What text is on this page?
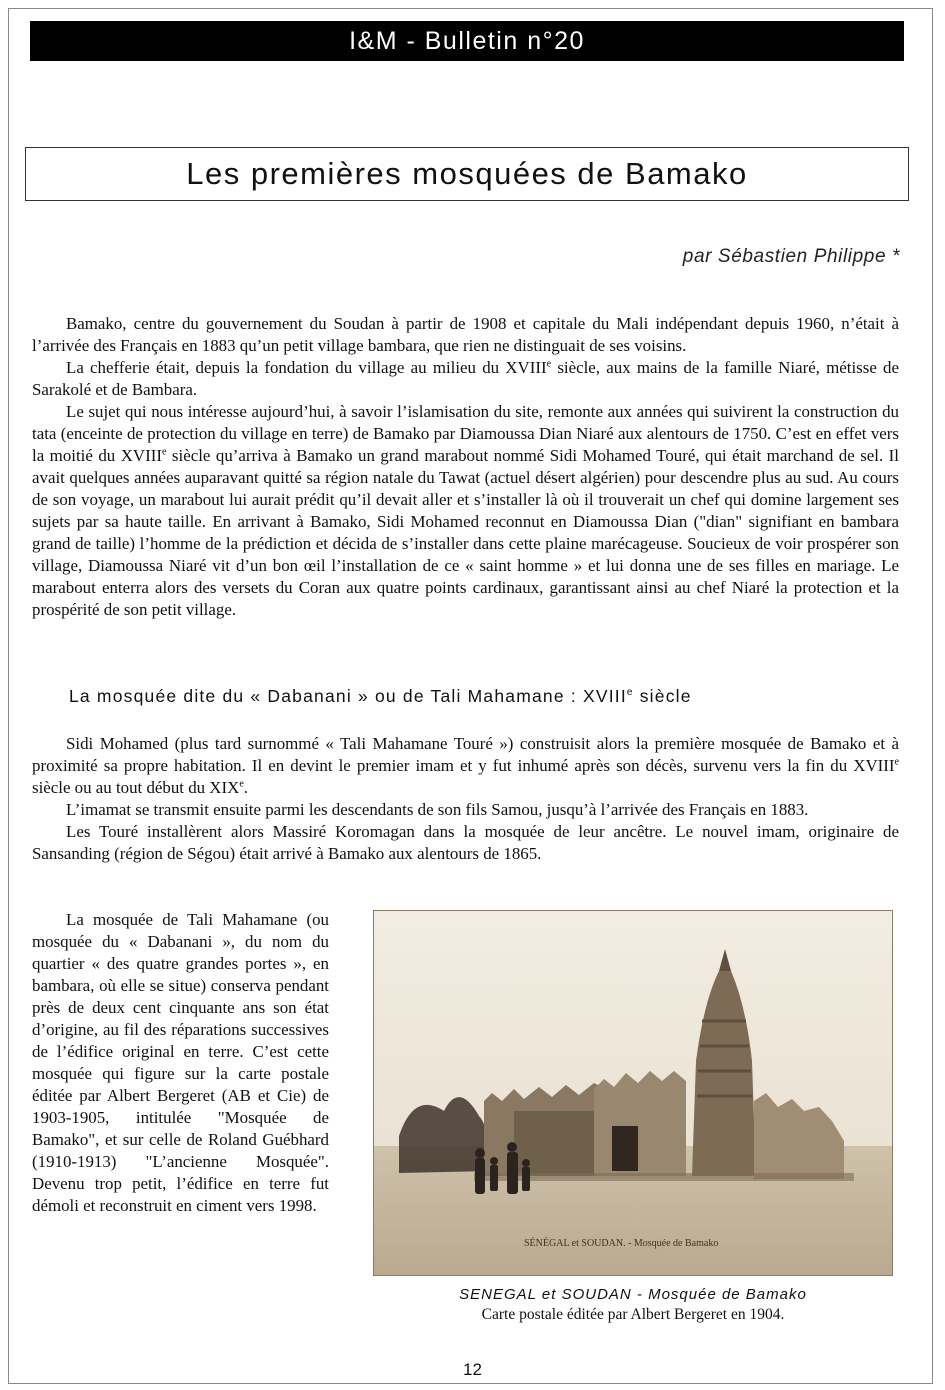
I&M - Bulletin n°20
Les premières mosquées de Bamako
par Sébastien Philippe *

Bamako, centre du gouvernement du Soudan à partir de 1908 et capitale du Mali indépendant depuis 1960, n’était à l’arrivée des Français en 1883 qu’un petit village bambara, que rien ne distinguait de ses voisins.

La chefferie était, depuis la fondation du village au milieu du XVIIIe siècle, aux mains de la famille Niaré, métisse de Sarakolé et de Bambara.

Le sujet qui nous intéresse aujourd’hui, à savoir l’islamisation du site, remonte aux années qui suivirent la construction du tata (enceinte de protection du village en terre) de Bamako par Diamoussa Dian Niaré aux alentours de 1750. C’est en effet vers la moitié du XVIIIe siècle qu’arriva à Bamako un grand marabout nommé Sidi Mohamed Touré, qui était marchand de sel. Il avait quelques années auparavant quitté sa région natale du Tawat (actuel désert algérien) pour descendre plus au sud. Au cours de son voyage, un marabout lui aurait prédit qu’il devait aller et s’installer là où il trouverait un chef qui domine largement ses sujets par sa haute taille. En arrivant à Bamako, Sidi Mohamed reconnut en Diamoussa Dian ("dian" signifiant en bambara grand de taille) l’homme de la prédiction et décida de s’installer dans cette plaine marécageuse. Soucieux de voir prospérer son village, Diamoussa Niaré vit d’un bon œil l’installation de ce « saint homme » et lui donna une de ses filles en mariage. Le marabout enterra alors des versets du Coran aux quatre points cardinaux, garantissant ainsi au chef Niaré la protection et la prospérité de son petit village.

La mosquée dite du « Dabanani » ou de Tali Mahamane : XVIIIe siècle

Sidi Mohamed (plus tard surnommé « Tali Mahamane Touré ») construisit alors la première mosquée de Bamako et à proximité sa propre habitation. Il en devint le premier imam et y fut inhumé après son décès, survenu vers la fin du XVIIIe siècle ou au tout début du XIXe.

L’imamat se transmit ensuite parmi les descendants de son fils Samou, jusqu’à l’arrivée des Français en 1883.

Les Touré installèrent alors Massiré Koromagan dans la mosquée de leur ancêtre. Le nouvel imam, originaire de Sansanding (région de Ségou) était arrivé à Bamako aux alentours de 1865.

La mosquée de Tali Mahamane (ou mosquée du « Dabanani », du nom du quartier « des quatre grandes portes », en bambara, où elle se situe) conserva pendant près de deux cent cinquante ans son état d’origine, au fil des réparations successives de l’édifice original en terre. C’est cette mosquée qui figure sur la carte postale éditée par Albert Bergeret (AB et Cie) de 1903-1905, intitulée "Mosquée de Bamako", et sur celle de Roland Guébhard (1910-1913) "L’ancienne Mosquée". Devenu trop petit, l’édifice en terre fut démoli et reconstruit en ciment vers 1998.

SÉNÉGAL et SOUDAN. - Mosquée de Bamako
SENEGAL et SOUDAN - Mosquée de Bamako
Carte postale éditée par Albert Bergeret en 1904.
12
